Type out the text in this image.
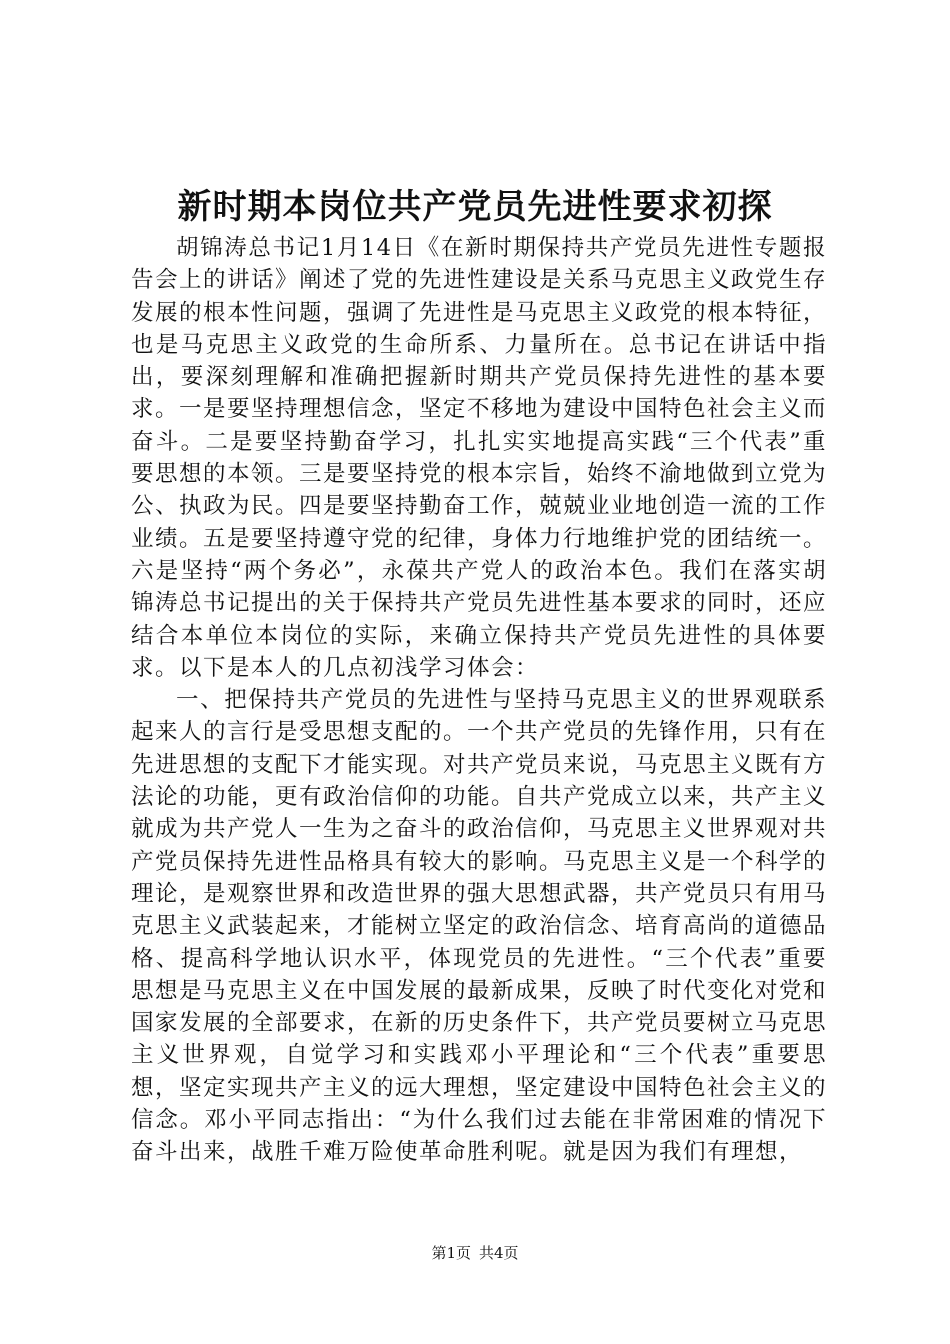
新时期本岗位共产党员先进性要求初探

胡锦涛总书记1月14日《在新时期保持共产党员先进性专题报告会上的讲话》阐述了党的先进性建设是关系马克思主义政党生存发展的根本性问题，强调了先进性是马克思主义政党的根本特征，也是马克思主义政党的生命所系、力量所在。总书记在讲话中指出，要深刻理解和准确把握新时期共产党员保持先进性的基本要求。一是要坚持理想信念，坚定不移地为建设中国特色社会主义而奋斗。二是要坚持勤奋学习，扎扎实实地提高实践“三个代表”重要思想的本领。三是要坚持党的根本宗旨，始终不渝地做到立党为公、执政为民。四是要坚持勤奋工作，兢兢业业地创造一流的工作业绩。五是要坚持遵守党的纪律，身体力行地维护党的团结统一。六是坚持“两个务必”，永葆共产党人的政治本色。我们在落实胡锦涛总书记提出的关于保持共产党员先进性基本要求的同时，还应结合本单位本岗位的实际，来确立保持共产党员先进性的具体要求。以下是本人的几点初浅学习体会：

一、把保持共产党员的先进性与坚持马克思主义的世界观联系起来人的言行是受思想支配的。一个共产党员的先锋作用，只有在先进思想的支配下才能实现。对共产党员来说，马克思主义既有方法论的功能，更有政治信仰的功能。自共产党成立以来，共产主义就成为共产党人一生为之奋斗的政治信仰，马克思主义世界观对共产党员保持先进性品格具有较大的影响。马克思主义是一个科学的理论，是观察世界和改造世界的强大思想武器，共产党员只有用马克思主义武装起来，才能树立坚定的政治信念、培育高尚的道德品格、提高科学地认识水平，体现党员的先进性。“三个代表”重要思想是马克思主义在中国发展的最新成果，反映了时代变化对党和国家发展的全部要求，在新的历史条件下，共产党员要树立马克思主义世界观，自觉学习和实践邓小平理论和“三个代表”重要思想，坚定实现共产主义的远大理想，坚定建设中国特色社会主义的信念。邓小平同志指出：“为什么我们过去能在非常困难的情况下奋斗出来，战胜千难万险使革命胜利呢。就是因为我们有理想，

第1页 共4页
